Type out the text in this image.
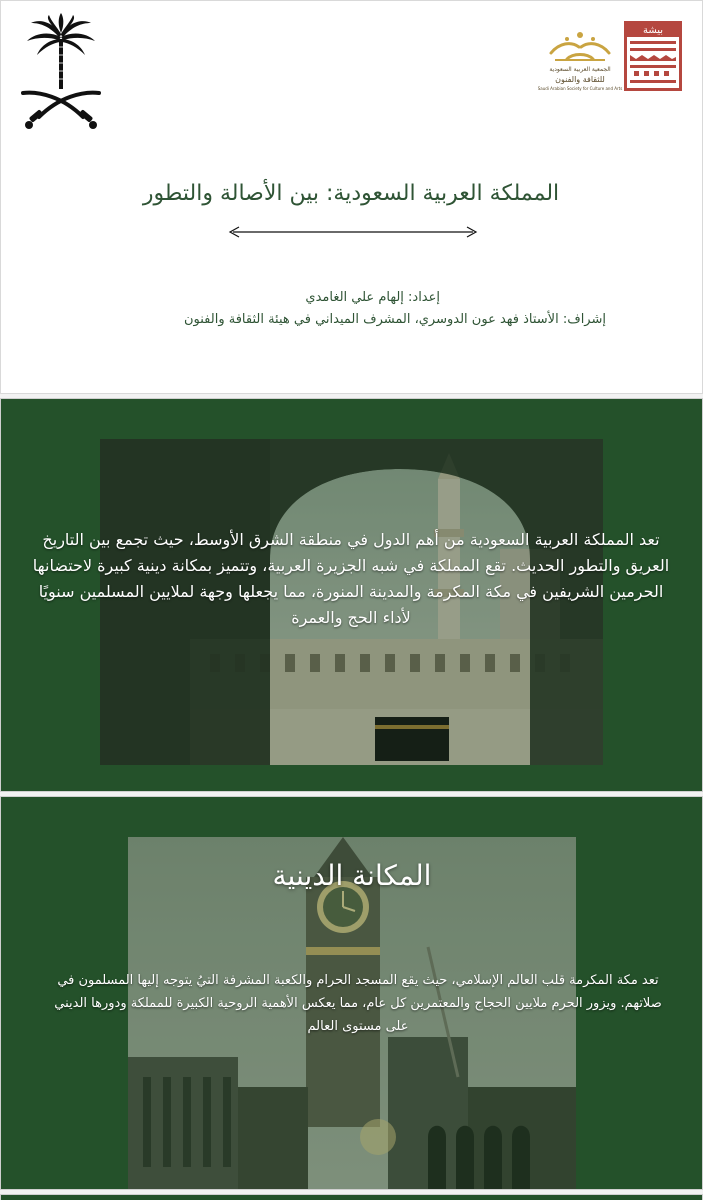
بيشة
الجمعية العربية السعودية
للثقافة والفنون
Saudi Arabian Society for Culture and Arts
المملكة العربية السعودية: بين الأصالة والتطور
إعداد: إلهام علي الغامدي
إشراف: الأستاذ فهد عون الدوسري، المشرف الميداني في هيئة الثقافة والفنون
تعد المملكة العربية السعودية من أهم الدول في منطقة الشرق الأوسط، حيث تجمع بين التاريخ العريق والتطور الحديث. تقع المملكة في شبه الجزيرة العربية، وتتميز بمكانة دينية كبيرة لاحتضانها الحرمين الشريفين في مكة المكرمة والمدينة المنورة، مما يجعلها وجهة لملايين المسلمين سنويًا لأداء الحج والعمرة
المكانة الدينية
تعد مكة المكرمة قلب العالم الإسلامي، حيث يقع المسجد الحرام والكعبة المشرفة التيُ يتوجه إليها المسلمون في صلاتهم. ويزور الحرم ملايين الحجاج والمعتمرين كل عام، مما يعكس الأهمية الروحية الكبيرة للمملكة ودورها الديني على مستوى العالم
